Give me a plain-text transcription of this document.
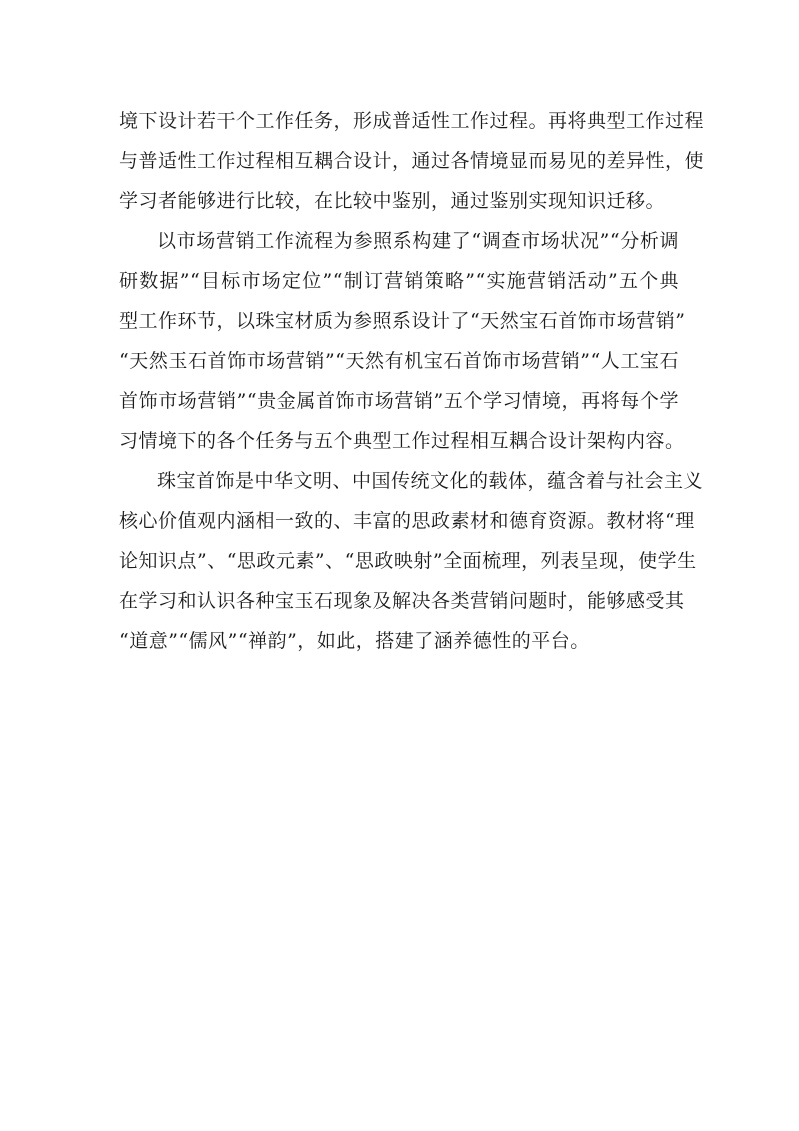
境下设计若干个工作任务，形成普适性工作过程。再将典型工作过程
与普适性工作过程相互耦合设计，通过各情境显而易见的差异性，使
学习者能够进行比较，在比较中鉴别，通过鉴别实现知识迁移。
以市场营销工作流程为参照系构建了“调查市场状况”“分析调
研数据”“目标市场定位”“制订营销策略”“实施营销活动”五个典
型工作环节，以珠宝材质为参照系设计了“天然宝石首饰市场营销”
“天然玉石首饰市场营销”“天然有机宝石首饰市场营销”“人工宝石
首饰市场营销”“贵金属首饰市场营销”五个学习情境，再将每个学
习情境下的各个任务与五个典型工作过程相互耦合设计架构内容。
珠宝首饰是中华文明、中国传统文化的载体，蕴含着与社会主义
核心价值观内涵相一致的、丰富的思政素材和德育资源。教材将“理
论知识点”、“思政元素”、“思政映射”全面梳理，列表呈现，使学生
在学习和认识各种宝玉石现象及解决各类营销问题时，能够感受其
“道意”“儒风”“禅韵”，如此，搭建了涵养德性的平台。
